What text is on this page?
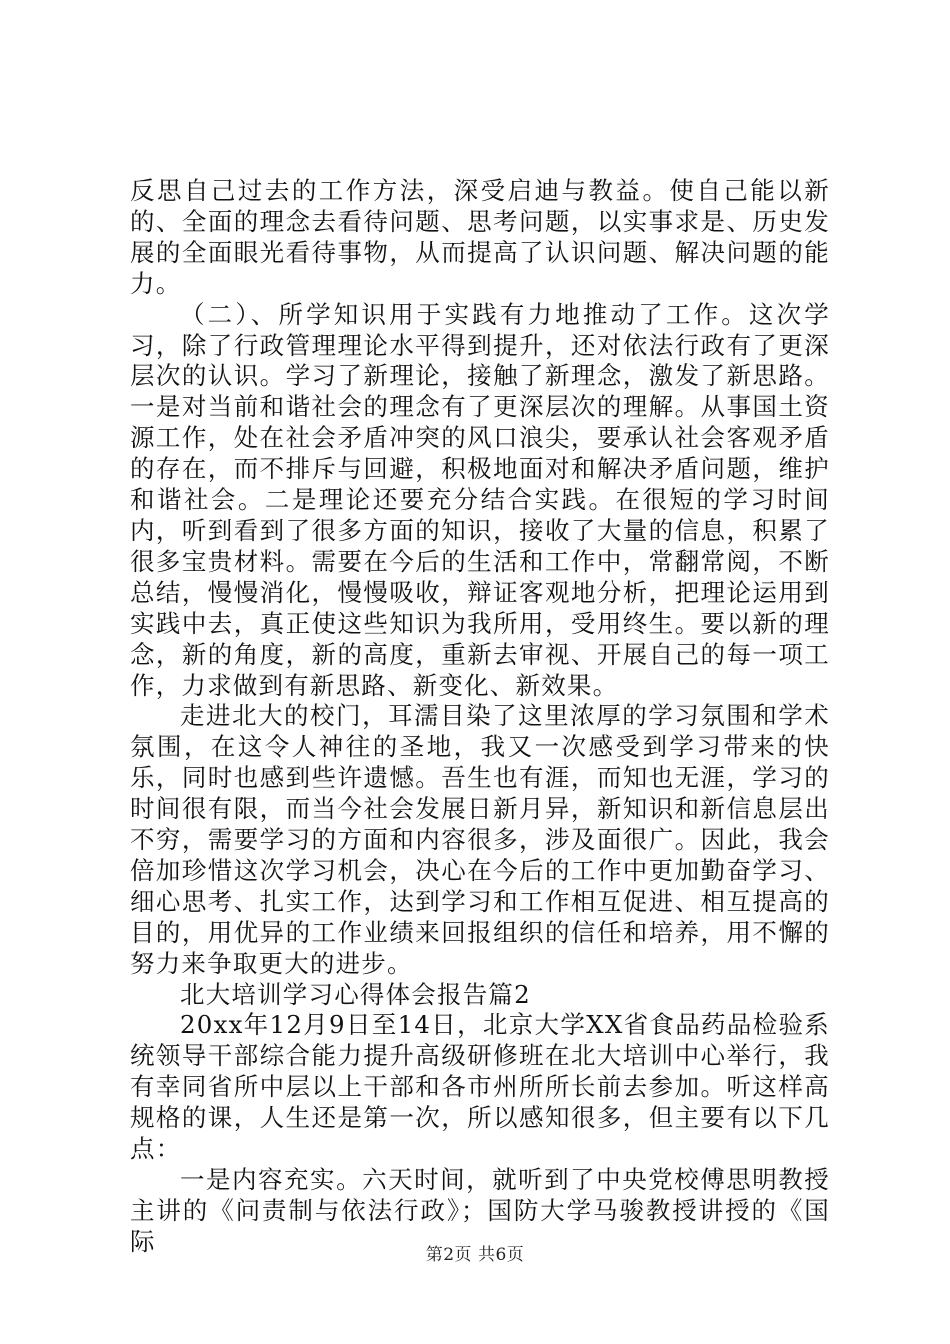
反思自己过去的工作方法，深受启迪与教益。使自己能以新的、全面的理念去看待问题、思考问题，以实事求是、历史发展的全面眼光看待事物，从而提高了认识问题、解决问题的能力。

（二）、所学知识用于实践有力地推动了工作。这次学习，除了行政管理理论水平得到提升，还对依法行政有了更深层次的认识。学习了新理论，接触了新理念，激发了新思路。一是对当前和谐社会的理念有了更深层次的理解。从事国土资源工作，处在社会矛盾冲突的风口浪尖，要承认社会客观矛盾的存在，而不排斥与回避，积极地面对和解决矛盾问题，维护和谐社会。二是理论还要充分结合实践。在很短的学习时间内，听到看到了很多方面的知识，接收了大量的信息，积累了很多宝贵材料。需要在今后的生活和工作中，常翻常阅，不断总结，慢慢消化，慢慢吸收，辩证客观地分析，把理论运用到实践中去，真正使这些知识为我所用，受用终生。要以新的理念，新的角度，新的高度，重新去审视、开展自己的每一项工作，力求做到有新思路、新变化、新效果。

走进北大的校门，耳濡目染了这里浓厚的学习氛围和学术氛围，在这令人神往的圣地，我又一次感受到学习带来的快乐，同时也感到些许遗憾。吾生也有涯，而知也无涯，学习的时间很有限，而当今社会发展日新月异，新知识和新信息层出不穷，需要学习的方面和内容很多，涉及面很广。因此，我会倍加珍惜这次学习机会，决心在今后的工作中更加勤奋学习、细心思考、扎实工作，达到学习和工作相互促进、相互提高的目的，用优异的工作业绩来回报组织的信任和培养，用不懈的努力来争取更大的进步。

北大培训学习心得体会报告篇2

20xx年12月9日至14日，北京大学XX省食品药品检验系统领导干部综合能力提升高级研修班在北大培训中心举行，我有幸同省所中层以上干部和各市州所所长前去参加。听这样高规格的课，人生还是第一次，所以感知很多，但主要有以下几点：

一是内容充实。六天时间，就听到了中央党校傅思明教授主讲的《问责制与依法行政》；国防大学马骏教授讲授的《国际	第2页 共6页
